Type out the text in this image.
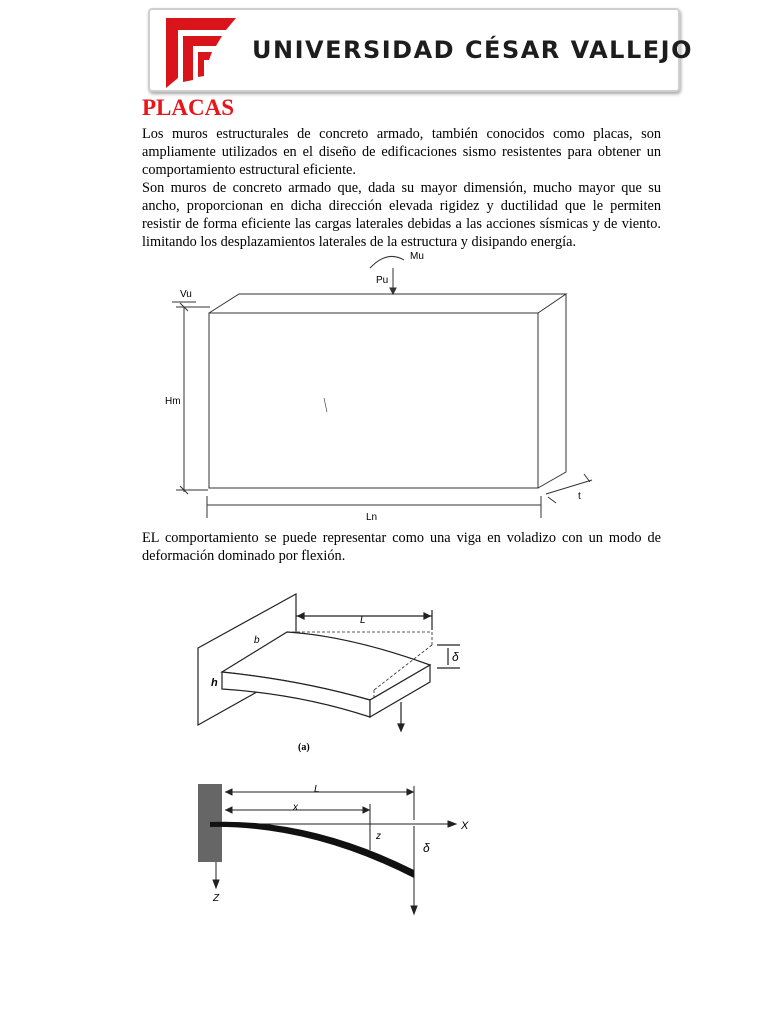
UNIVERSIDAD CÉSAR VALLEJO

PLACAS

Los muros estructurales de concreto armado, también conocidos como placas, son ampliamente utilizados en el diseño de edificaciones sismo resistentes para obtener un comportamiento estructural eficiente.

Son muros de concreto armado que, dada su mayor dimensión, mucho mayor que su ancho, proporcionan en dicha dirección elevada rigidez y ductilidad que le permiten resistir de forma eficiente las cargas laterales debidas a las acciones sísmicas y de viento. limitando los desplazamientos laterales de la estructura y disipando energía.

Mu
Pu
Vu
Hm
Ln
t

EL comportamiento se puede representar como una viga en voladizo con un modo de deformación dominado por flexión.

L
b
h
δ
(a)
L
x
X
z
δ
Z
